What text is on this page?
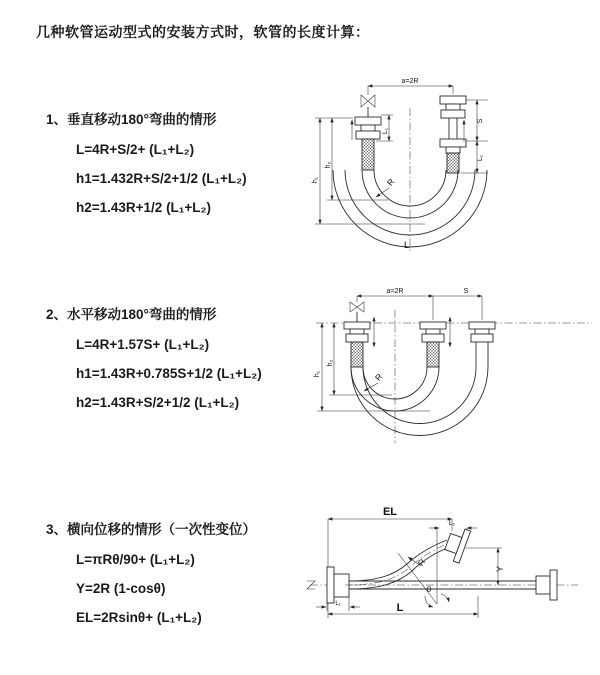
几种软管运动型式的安装方式时，软管的长度计算：
1、垂直移动180°弯曲的情形
L=4R+S/2+ (L₁+L₂)
h1=1.432R+S/2+1/2 (L₁+L₂)
h2=1.43R+1/2 (L₁+L₂)
2、水平移动180°弯曲的情形
L=4R+1.57S+ (L₁+L₂)
h1=1.43R+0.785S+1/2 (L₁+L₂)
h2=1.43R+S/2+1/2 (L₁+L₂)
3、横向位移的情形（一次性变位）
L=πRθ/90+ (L₁+L₂)
Y=2R (1-cosθ)
EL=2Rsinθ+ (L₁+L₂)
a=2R
L₁
S
L₁
h₁
h₂
R
L
a=2R	S
h₁
h₂
R
EL
L₁
Y
R
θ
L
L₁
